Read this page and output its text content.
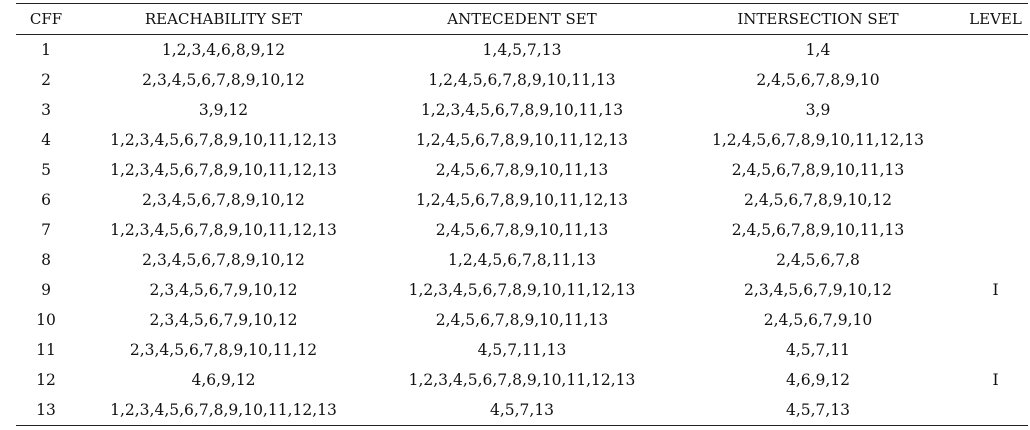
CFF	REACHABILITY SET	ANTECEDENT SET	INTERSECTION SET	LEVEL
1	1,2,3,4,6,8,9,12	1,4,5,7,13	1,4	
2	2,3,4,5,6,7,8,9,10,12	1,2,4,5,6,7,8,9,10,11,13	2,4,5,6,7,8,9,10	
3	3,9,12	1,2,3,4,5,6,7,8,9,10,11,13	3,9	
4	1,2,3,4,5,6,7,8,9,10,11,12,13	1,2,4,5,6,7,8,9,10,11,12,13	1,2,4,5,6,7,8,9,10,11,12,13	
5	1,2,3,4,5,6,7,8,9,10,11,12,13	2,4,5,6,7,8,9,10,11,13	2,4,5,6,7,8,9,10,11,13	
6	2,3,4,5,6,7,8,9,10,12	1,2,4,5,6,7,8,9,10,11,12,13	2,4,5,6,7,8,9,10,12	
7	1,2,3,4,5,6,7,8,9,10,11,12,13	2,4,5,6,7,8,9,10,11,13	2,4,5,6,7,8,9,10,11,13	
8	2,3,4,5,6,7,8,9,10,12	1,2,4,5,6,7,8,11,13	2,4,5,6,7,8	
9	2,3,4,5,6,7,9,10,12	1,2,3,4,5,6,7,8,9,10,11,12,13	2,3,4,5,6,7,9,10,12	I
10	2,3,4,5,6,7,9,10,12	2,4,5,6,7,8,9,10,11,13	2,4,5,6,7,9,10	
11	2,3,4,5,6,7,8,9,10,11,12	4,5,7,11,13	4,5,7,11	
12	4,6,9,12	1,2,3,4,5,6,7,8,9,10,11,12,13	4,6,9,12	I
13	1,2,3,4,5,6,7,8,9,10,11,12,13	4,5,7,13	4,5,7,13	
